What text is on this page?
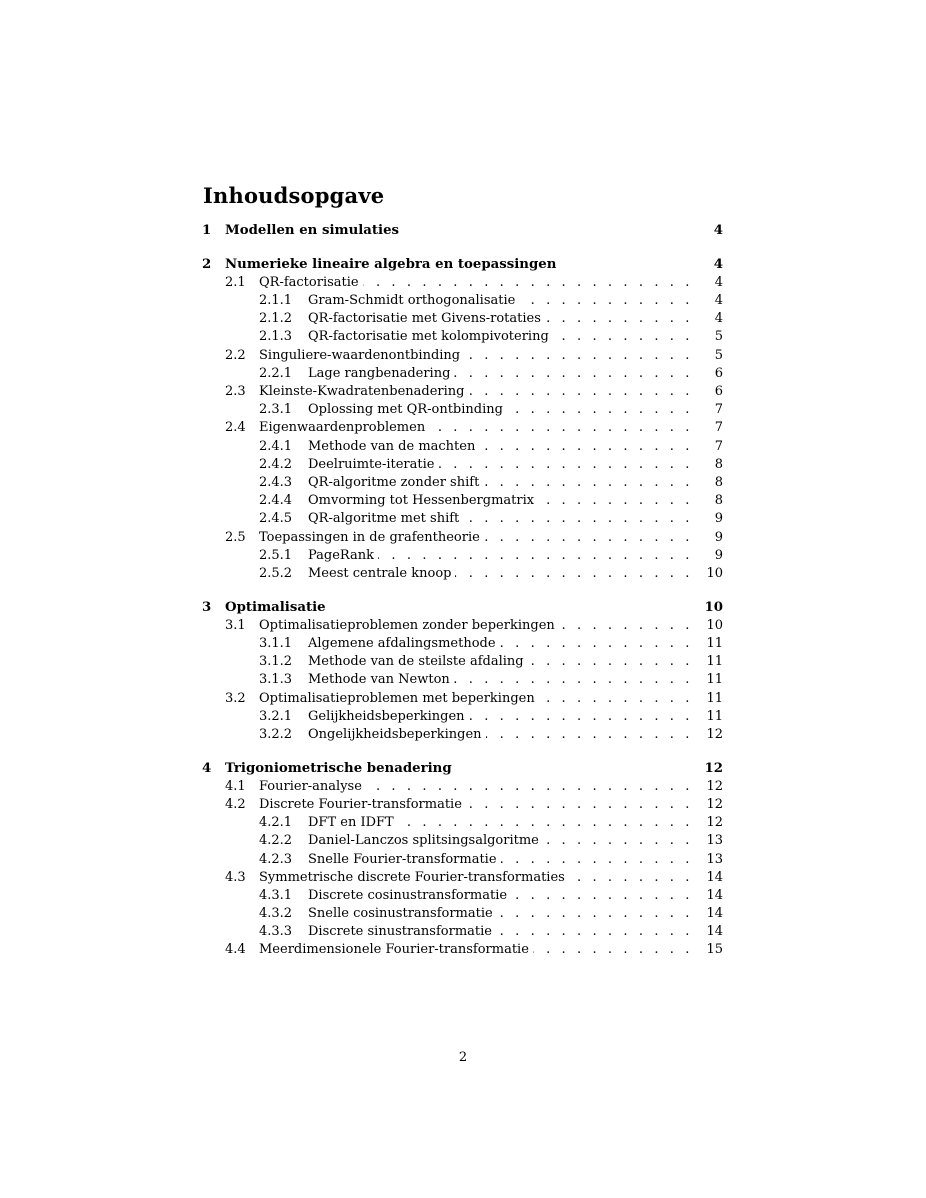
Inhoudsopgave
1 Modellen en simulaties	4
2 Numerieke lineaire algebra en toepassingen	4
. . .
2.1 QR-factorisatie	4
. . .
2.1.1 Gram-Schmidt orthogonalisatie	4
. . .
2.1.2 QR-factorisatie met Givens-rotaties	4
. . .
2.1.3 QR-factorisatie met kolompivotering	5
. . .
2.2 Singuliere-waardenontbinding	5
. . .
2.2.1 Lage rangbenadering	6
. . .
2.3 Kleinste-Kwadratenbenadering	6
. . .
2.3.1 Oplossing met QR-ontbinding	7
. . .
2.4 Eigenwaardenproblemen	7
. . .
2.4.1 Methode van de machten	7
. . .
2.4.2 Deelruimte-iteratie	8
. . .
2.4.3 QR-algoritme zonder shift	8
. . .
2.4.4 Omvorming tot Hessenbergmatrix	8
. . .
2.4.5 QR-algoritme met shift	9
. . .
2.5 Toepassingen in de grafentheorie	9
. . .
2.5.1 PageRank	9
. . .
2.5.2 Meest centrale knoop	10
3 Optimalisatie	10
. . .
3.1 Optimalisatieproblemen zonder beperkingen	10
. . .
3.1.1 Algemene afdalingsmethode	11
. . .
3.1.2 Methode van de steilste afdaling	11
. . .
3.1.3 Methode van Newton	11
. . .
3.2 Optimalisatieproblemen met beperkingen	11
. . .
3.2.1 Gelijkheidsbeperkingen	11
. . .
3.2.2 Ongelijkheidsbeperkingen	12
4 Trigoniometrische benadering	12
. . .
4.1 Fourier-analyse	12
. . .
4.2 Discrete Fourier-transformatie	12
. . .
4.2.1 DFT en IDFT	12
. . .
4.2.2 Daniel-Lanczos splitsingsalgoritme	13
. . .
4.2.3 Snelle Fourier-transformatie	13
. . .
4.3 Symmetrische discrete Fourier-transformaties	14
. . .
4.3.1 Discrete cosinustransformatie	14
. . .
4.3.2 Snelle cosinustransformatie	14
. . .
4.3.3 Discrete sinustransformatie	14
. . .
4.4 Meerdimensionele Fourier-transformatie	15
2
